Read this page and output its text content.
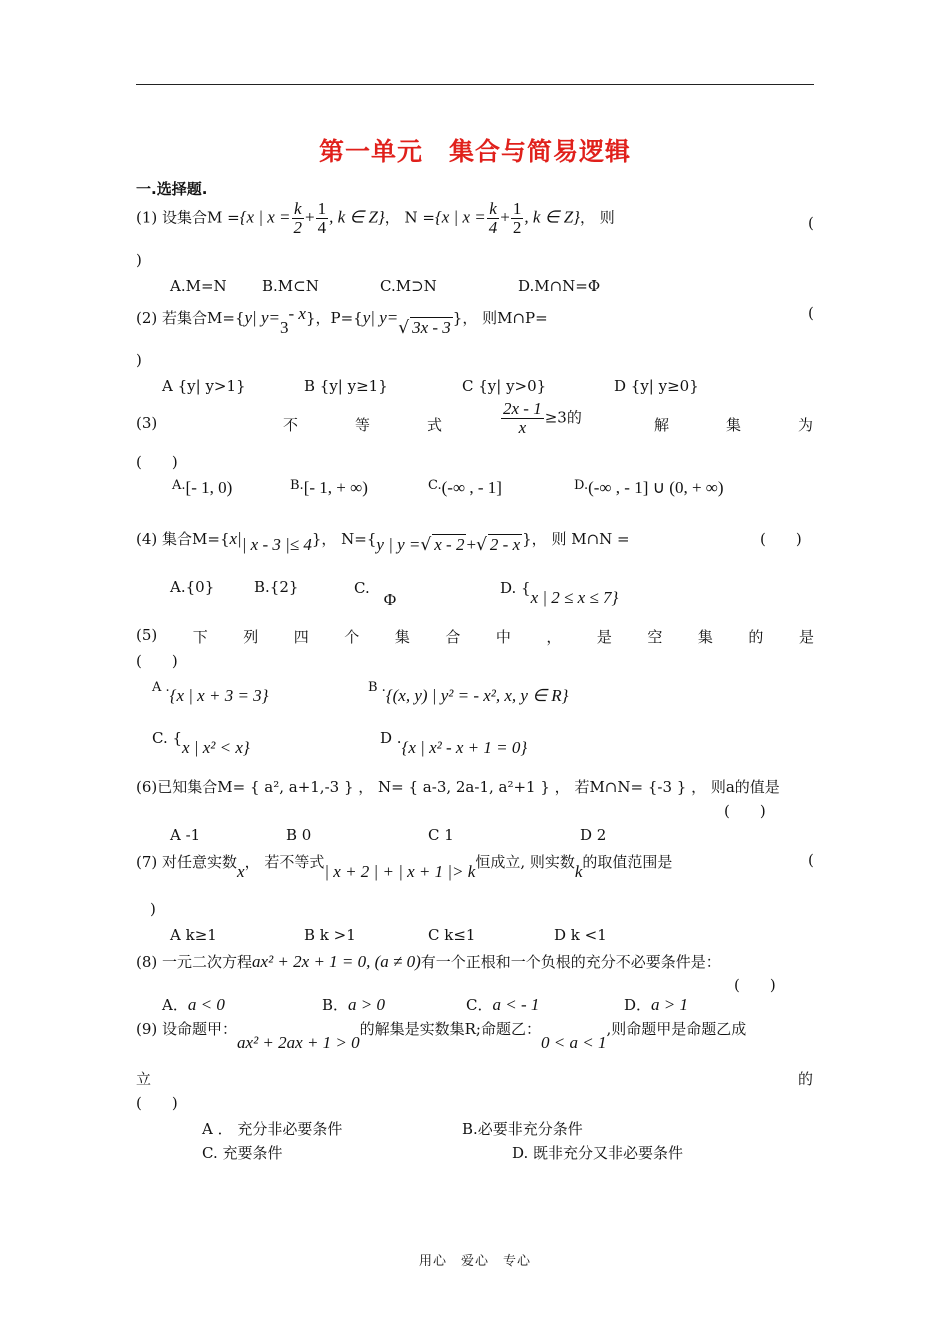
第一单元　集合与简易逻辑
一.选择题.
(1) 设集合M ={x | $x = \frac{k}{2} + \frac{1}{4}$ , k ∈ Z}， N ={x | $x = \frac{k}{4} + \frac{1}{2}$ , k ∈ Z}， 则	(
)
A.M=N B.M⊂N	C.M⊃N	D.M∩N=Φ
(2) 若集合M={y| $y=3^{- x}$}，P={y| y=√ 3x - 3 }， 则M∩P=	(
)
A {y| y>1}	B {y| y≥1}	C {y| y>0}	D {y| y≥0}
(3)	不	等	式	$\frac{2x - 1}{x} \ge 3$的	解	集	为
(　　)
A.[- 1, 0)	B.[- 1, + ∞)	C.(-∞ , - 1]	D.(-∞ , - 1] ∪ (0, + ∞)
(4) 集合M={x|| x - 3 |≤ 4}， N={y | y =√ x - 2 +√ 2 - x }， 则 M∩N =	(　　)
A.{0}	B.{2}	C.Φ
D. {x | 2 ≤ x ≤ 7}
(5) 下 列 四 个 集 合 中 ， 是 空 集 的 是
(　　)
A .{x | x + 3 = 3}	B .{(x, y) | y² = - x², x, y ∈ R}
C. {x | x² < x}	D .{x | x² - x + 1 = 0}
(6)已知集合M= { a², a+1,-3 } ， N= { a-3, 2a-1, a²+1 } ， 若M∩N= {-3 } ， 则a的值是
(　　)
A -1	B 0	C 1	D 2
(7) 对任意实数x， 若不等式| x + 2 | + | x + 1 |> k恒成立, 则实数k的取值范围是	(
)
A k≥1	B k >1	C k≤1	D k <1
(8) 一元二次方程ax² + 2x + 1 = 0, (a ≠ 0)有一个正根和一个负根的充分不必要条件是：
(　　)
A．a < 0	B．a > 0	C．a < - 1	D．a > 1
(9) 设命题甲：ax² + 2ax + 1 > 0的解集是实数集R;命题乙：0 < a < 1,则命题甲是命题乙成
立	的
(　　)
A ． 充分非必要条件	B.必要非充分条件
C. 充要条件	D. 既非充分又非必要条件
用心　爱心　专心
